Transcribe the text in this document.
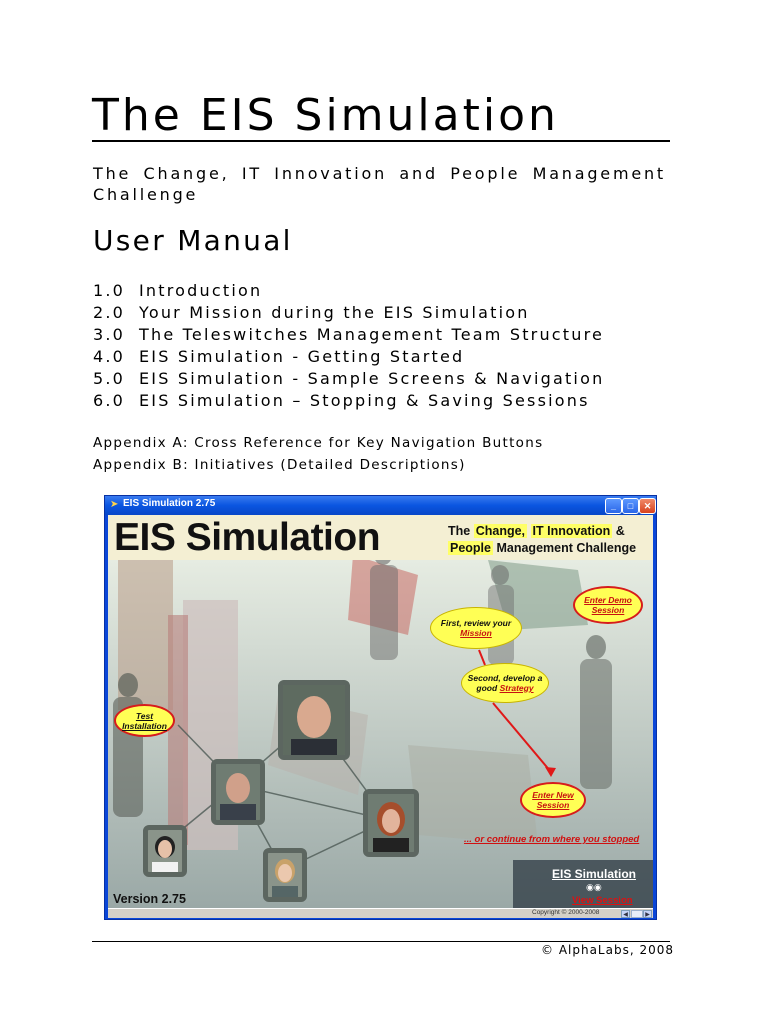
The EIS Simulation
The Change, IT Innovation and People Management Challenge
User Manual
1.0 Introduction
2.0 Your Mission during the EIS Simulation
3.0 The Teleswitches Management Team Structure
4.0 EIS Simulation - Getting Started
5.0 EIS Simulation - Sample Screens & Navigation
6.0 EIS Simulation – Stopping & Saving Sessions
Appendix A: Cross Reference for Key Navigation Buttons
Appendix B: Initiatives (Detailed Descriptions)
➤ EIS Simulation 2.75	_	□	✕
EIS Simulation	The Change, IT Innovation &
People Management Challenge
Test Installation
First, review your
Mission
Second, develop a good Strategy
Enter Demo Session
Enter New Session
... or continue from where you stopped
Version 2.75
EIS Simulation
◉◉
View Session
Copyright © 2000-2008	◀	▶
© AlphaLabs, 2008
